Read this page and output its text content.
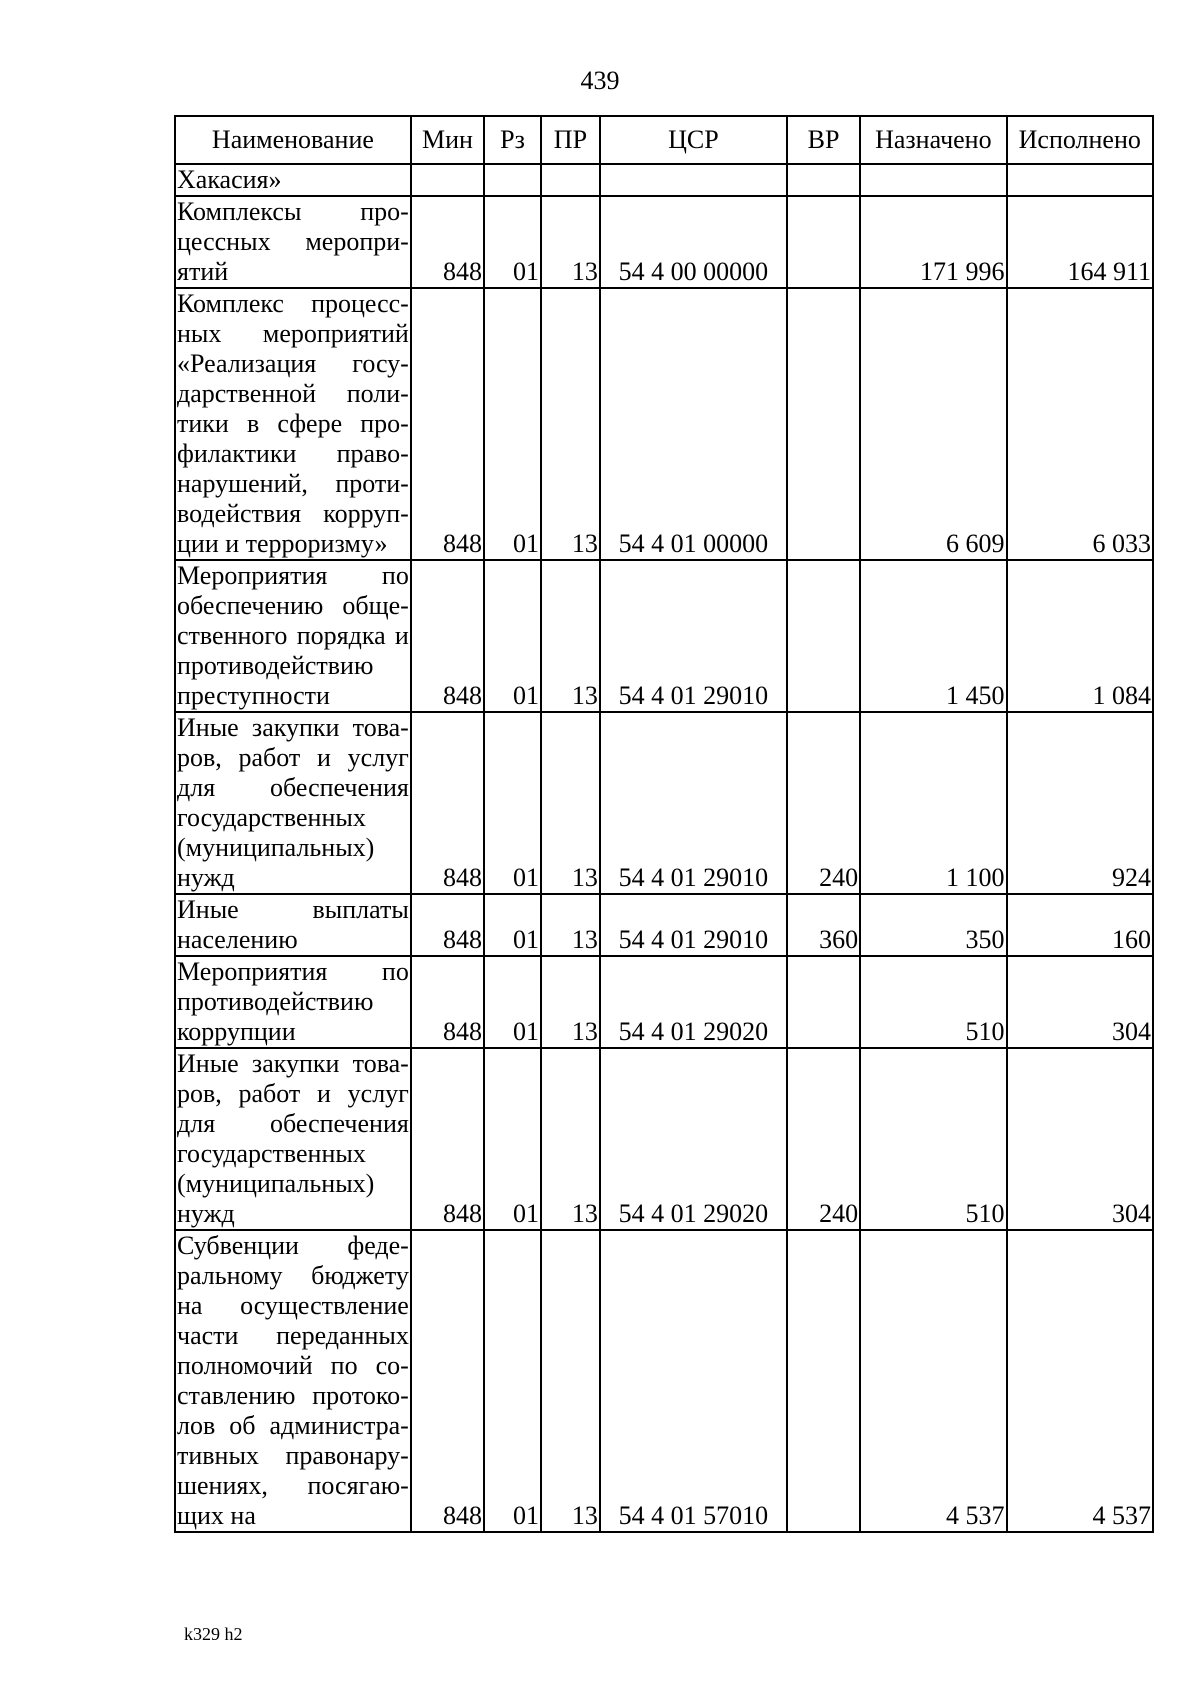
439
Наименование	Мин	Рз	ПР	ЦСР	ВР	Назначено	Исполнено
Хакасия»							
Комплексы процессных мероприятий	848	01	13	54 4 00 00000		171 996	164 911
Комплекс процессных мероприятий «Реализация государственной политики в сфере профилактики правонарушений, противодействия коррупции и терроризму»	848	01	13	54 4 01 00000		6 609	6 033
Мероприятия по обеспечению общественного порядка и противодействию преступности	848	01	13	54 4 01 29010		1 450	1 084
Иные закупки товаров, работ и услуг для обеспечения государственных (муниципальных) нужд	848	01	13	54 4 01 29010	240	1 100	924
Иные выплаты населению	848	01	13	54 4 01 29010	360	350	160
Мероприятия по противодействию коррупции	848	01	13	54 4 01 29020		510	304
Иные закупки товаров, работ и услуг для обеспечения государственных (муниципальных) нужд	848	01	13	54 4 01 29020	240	510	304
Субвенции федеральному бюджету на осуществление части переданных полномочий по составлению протоколов об административных правонарушениях, посягающих на	848	01	13	54 4 01 57010		4 537	4 537
k329 h2
